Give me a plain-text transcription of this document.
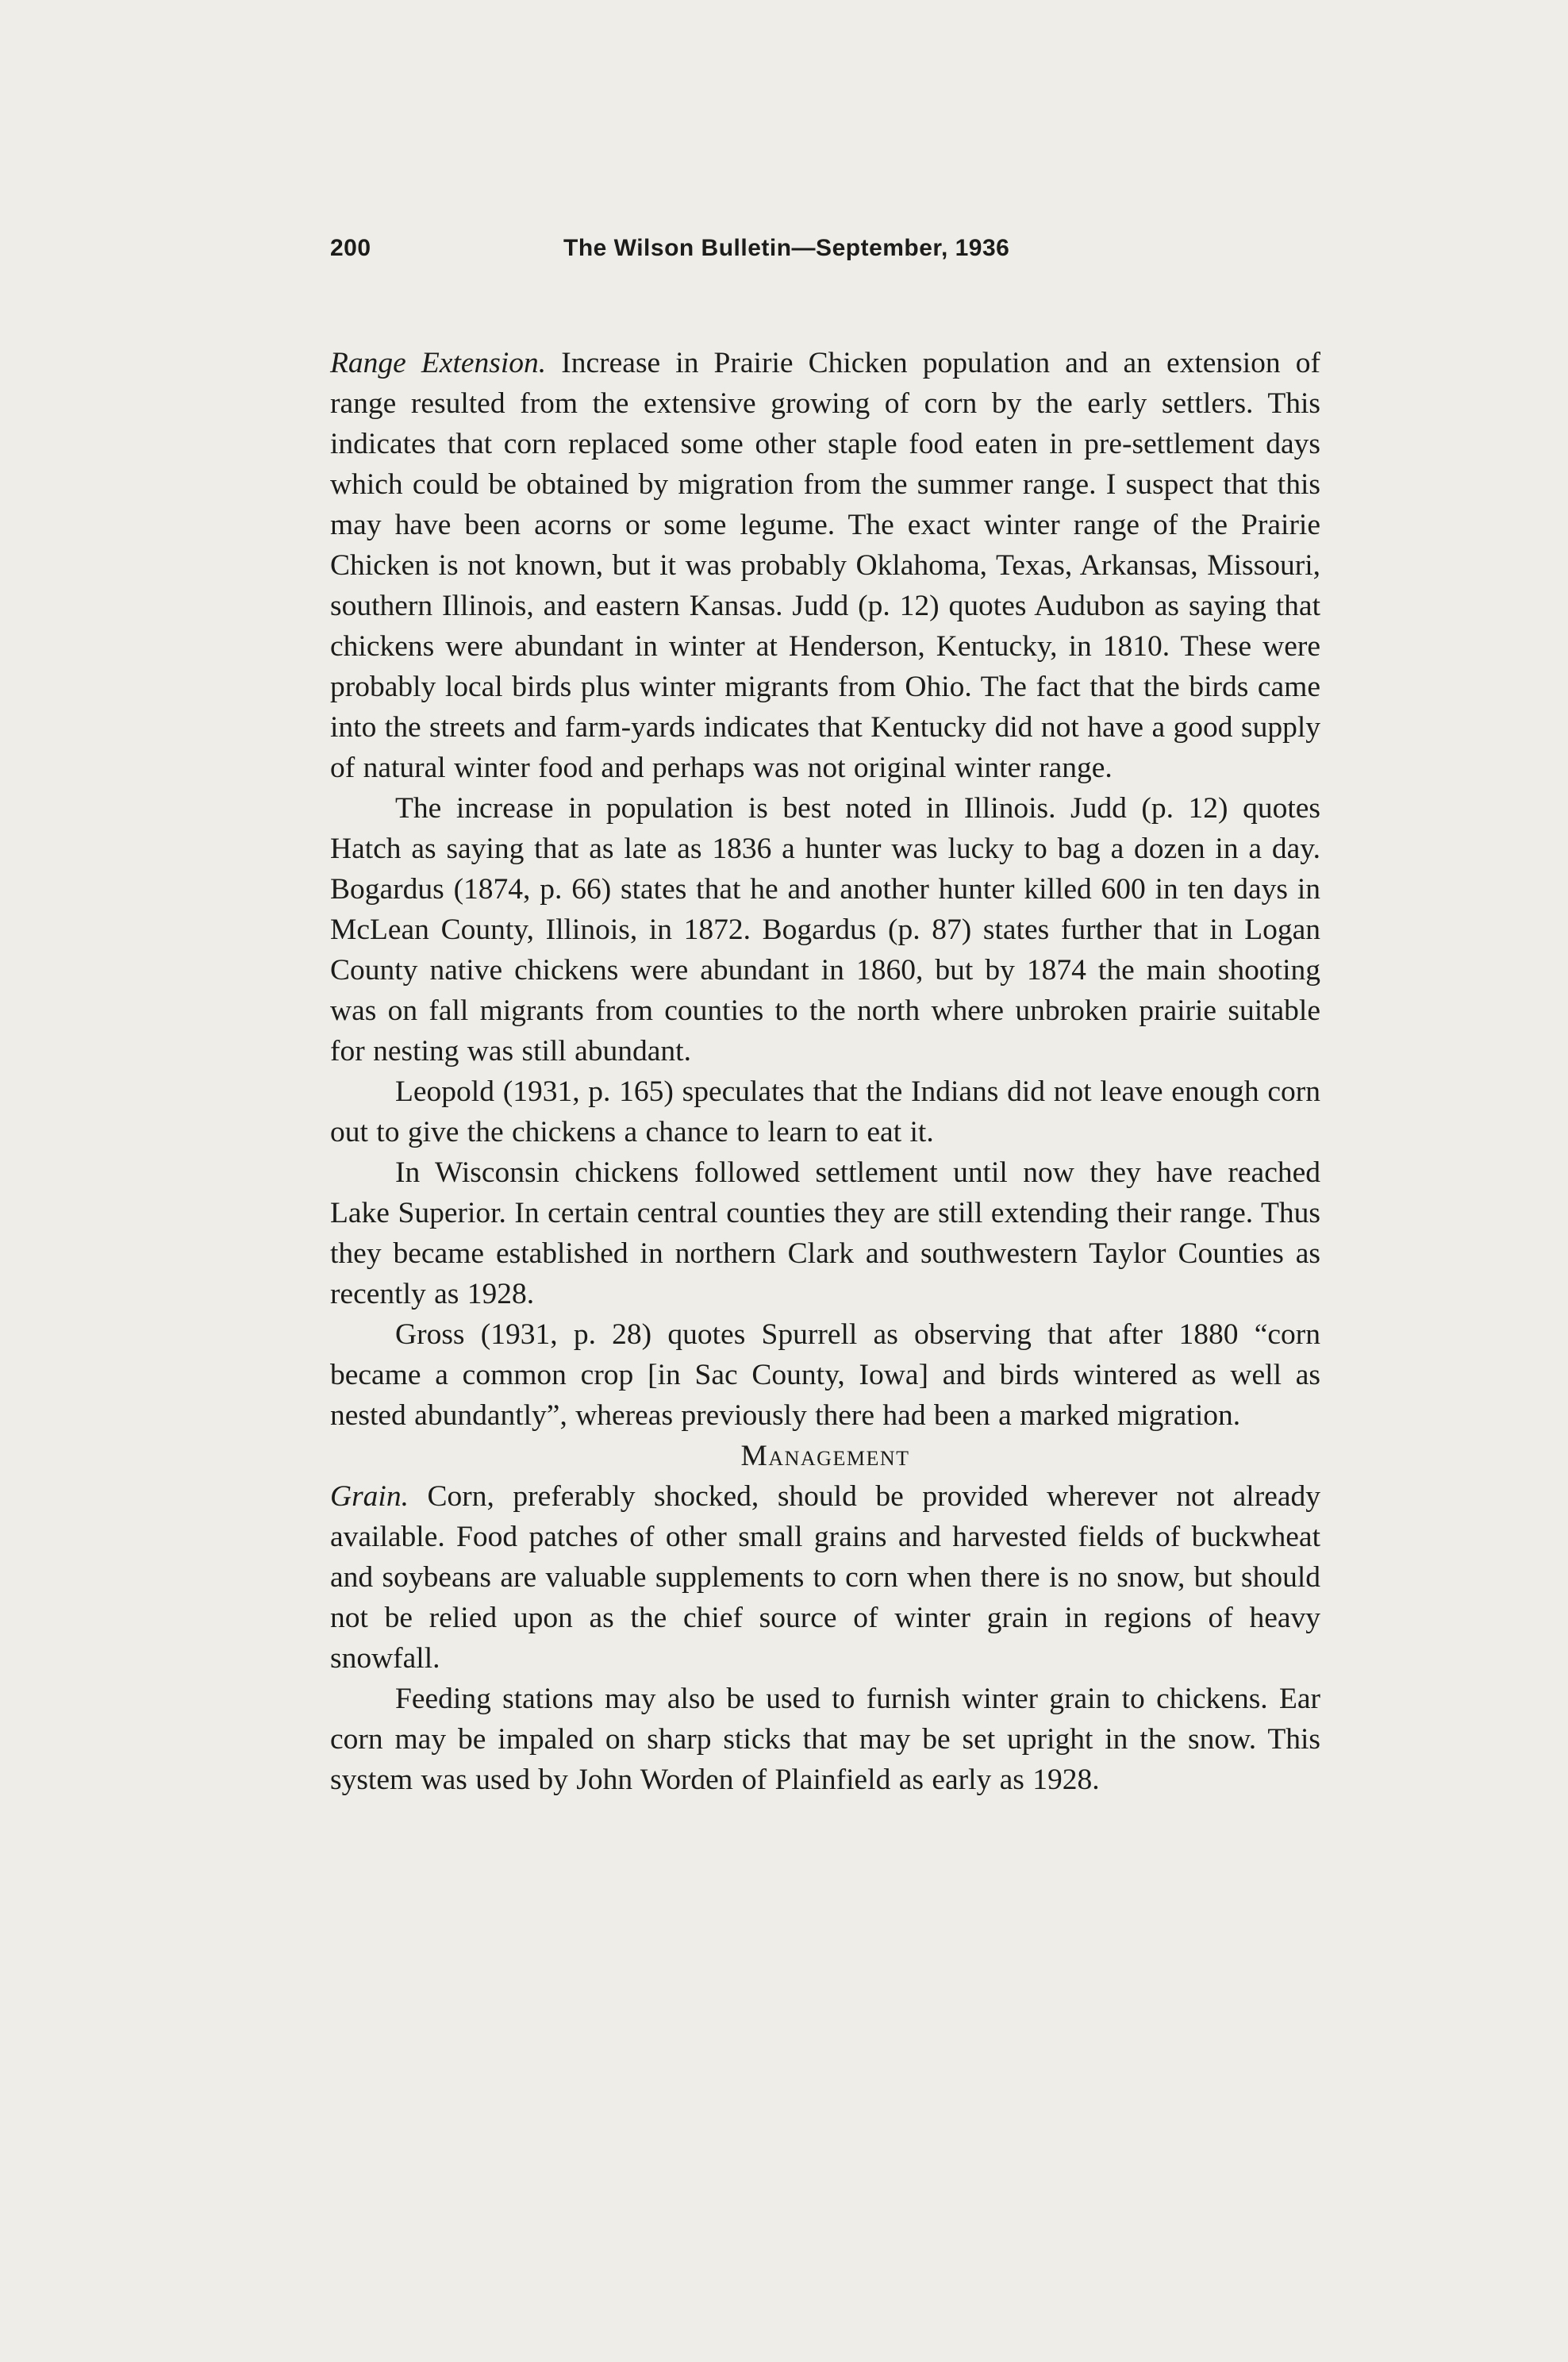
200	The Wilson Bulletin—September, 1936

Range Extension. Increase in Prairie Chicken population and an extension of range resulted from the extensive growing of corn by the early settlers. This indicates that corn replaced some other staple food eaten in pre-settlement days which could be obtained by migration from the summer range. I suspect that this may have been acorns or some legume. The exact winter range of the Prairie Chicken is not known, but it was probably Oklahoma, Texas, Arkansas, Missouri, southern Illinois, and eastern Kansas. Judd (p. 12) quotes Audubon as saying that chickens were abundant in winter at Henderson, Kentucky, in 1810. These were probably local birds plus winter migrants from Ohio. The fact that the birds came into the streets and farm-yards indicates that Kentucky did not have a good supply of natural winter food and perhaps was not original winter range.

The increase in population is best noted in Illinois. Judd (p. 12) quotes Hatch as saying that as late as 1836 a hunter was lucky to bag a dozen in a day. Bogardus (1874, p. 66) states that he and another hunter killed 600 in ten days in McLean County, Illinois, in 1872. Bogardus (p. 87) states further that in Logan County native chickens were abundant in 1860, but by 1874 the main shooting was on fall migrants from counties to the north where unbroken prairie suitable for nesting was still abundant.

Leopold (1931, p. 165) speculates that the Indians did not leave enough corn out to give the chickens a chance to learn to eat it.

In Wisconsin chickens followed settlement until now they have reached Lake Superior. In certain central counties they are still extending their range. Thus they became established in northern Clark and southwestern Taylor Counties as recently as 1928.

Gross (1931, p. 28) quotes Spurrell as observing that after 1880 “corn became a common crop [in Sac County, Iowa] and birds wintered as well as nested abundantly”, whereas previously there had been a marked migration.

Management

Grain. Corn, preferably shocked, should be provided wherever not already available. Food patches of other small grains and harvested fields of buckwheat and soybeans are valuable supplements to corn when there is no snow, but should not be relied upon as the chief source of winter grain in regions of heavy snowfall.

Feeding stations may also be used to furnish winter grain to chickens. Ear corn may be impaled on sharp sticks that may be set upright in the snow. This system was used by John Worden of Plainfield as early as 1928.
